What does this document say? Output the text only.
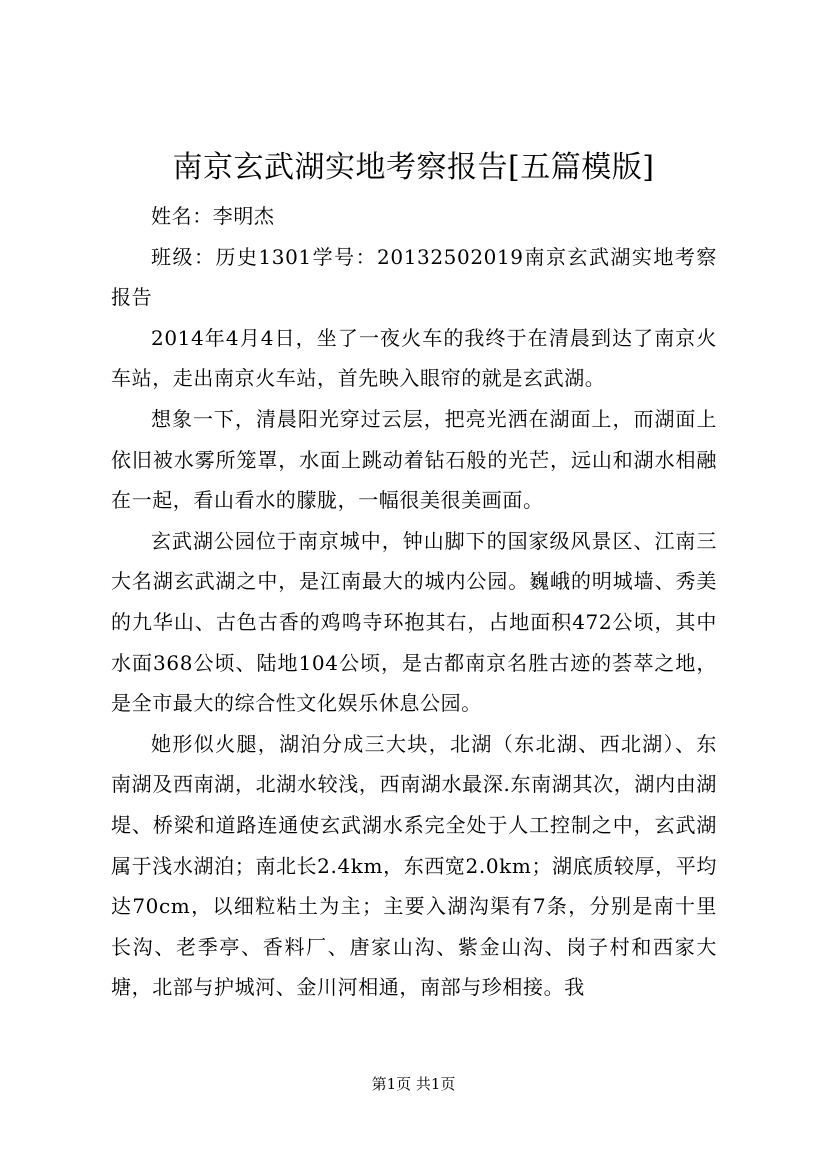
南京玄武湖实地考察报告[五篇模版]

姓名：李明杰

班级：历史1301学号：20132502019南京玄武湖实地考察报告

2014年4月4日，坐了一夜火车的我终于在清晨到达了南京火车站，走出南京火车站，首先映入眼帘的就是玄武湖。

想象一下，清晨阳光穿过云层，把亮光洒在湖面上，而湖面上依旧被水雾所笼罩，水面上跳动着钻石般的光芒，远山和湖水相融在一起，看山看水的朦胧，一幅很美很美画面。

玄武湖公园位于南京城中，钟山脚下的国家级风景区、江南三大名湖玄武湖之中，是江南最大的城内公园。巍峨的明城墙、秀美的九华山、古色古香的鸡鸣寺环抱其右，占地面积472公顷，其中水面368公顷、陆地104公顷，是古都南京名胜古迹的荟萃之地，是全市最大的综合性文化娱乐休息公园。

她形似火腿，湖泊分成三大块，北湖（东北湖、西北湖）、东南湖及西南湖，北湖水较浅，西南湖水最深.东南湖其次，湖内由湖堤、桥梁和道路连通使玄武湖水系完全处于人工控制之中，玄武湖属于浅水湖泊；南北长2.4km，东西宽2.0km；湖底质较厚，平均达70cm，以细粒粘土为主；主要入湖沟渠有7条，分别是南十里长沟、老季亭、香料厂、唐家山沟、紫金山沟、岗子村和西家大塘，北部与护城河、金川河相通，南部与珍相接。我

第1页 共1页
